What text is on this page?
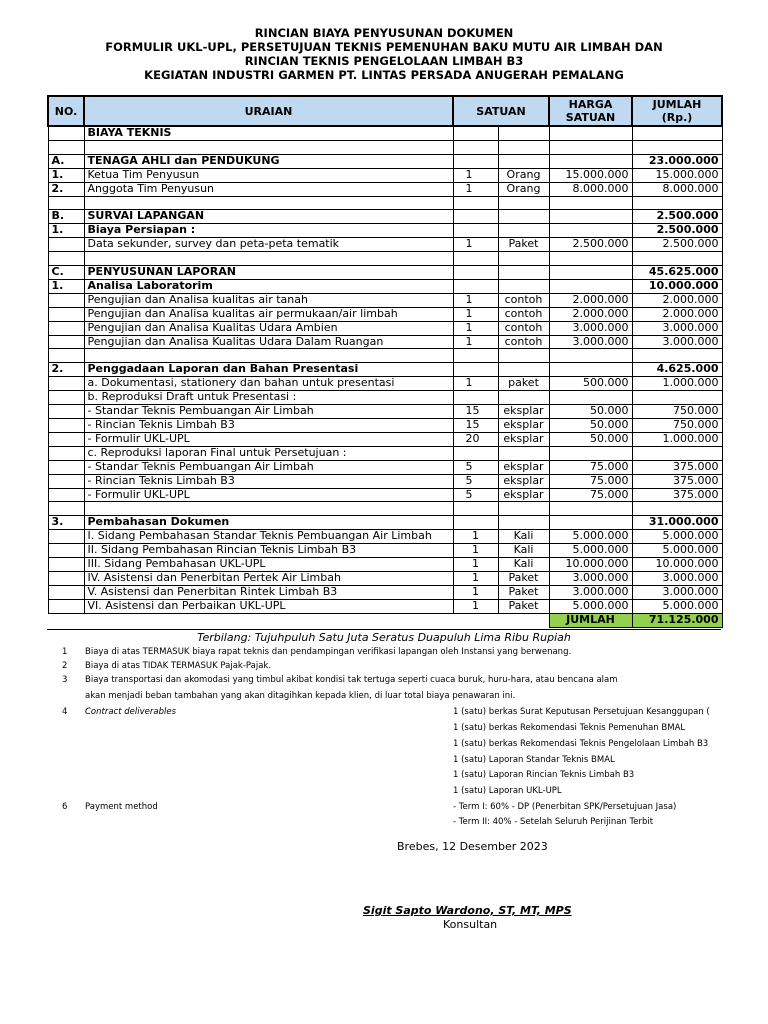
RINCIAN BIAYA PENYUSUNAN DOKUMEN
FORMULIR UKL-UPL, PERSETUJUAN TEKNIS PEMENUHAN BAKU MUTU AIR LIMBAH DAN
RINCIAN TEKNIS PENGELOLAAN LIMBAH B3
KEGIATAN INDUSTRI GARMEN PT. LINTAS PERSADA ANUGERAH PEMALANG
NO.	URAIAN	SATUAN		HARGA SATUAN	JUMLAH (Rp.)
	BIAYA TEKNIS				

A.	TENAGA AHLI dan PENDUKUNG				23.000.000
1.	Ketua Tim Penyusun	1	Orang	15.000.000	15.000.000
2.	Anggota Tim Penyusun	1	Orang	8.000.000	8.000.000

B.	SURVAI LAPANGAN				2.500.000
1.	Biaya Persiapan :				2.500.000
	Data sekunder, survey dan peta-peta tematik	1	Paket	2.500.000	2.500.000

C.	PENYUSUNAN LAPORAN				45.625.000
1.	Analisa Laboratorim				10.000.000
	Pengujian dan Analisa kualitas air tanah	1	contoh	2.000.000	2.000.000
	Pengujian dan Analisa kualitas air permukaan/air limbah	1	contoh	2.000.000	2.000.000
	Pengujian dan Analisa Kualitas Udara Ambien	1	contoh	3.000.000	3.000.000
	Pengujian dan Analisa Kualitas Udara Dalam Ruangan	1	contoh	3.000.000	3.000.000

2.	Penggadaan Laporan dan Bahan Presentasi				4.625.000
	a. Dokumentasi, stationery dan bahan untuk presentasi	1	paket	500.000	1.000.000
	b. Reproduksi Draft untuk Presentasi :				
	- Standar Teknis Pembuangan Air Limbah	15	eksplar	50.000	750.000
	- Rincian Teknis Limbah B3	15	eksplar	50.000	750.000
	- Formulir UKL-UPL	20	eksplar	50.000	1.000.000
	c. Reproduksi laporan Final untuk Persetujuan :				
	- Standar Teknis Pembuangan Air Limbah	5	eksplar	75.000	375.000
	- Rincian Teknis Limbah B3	5	eksplar	75.000	375.000
	- Formulir UKL-UPL	5	eksplar	75.000	375.000

3.	Pembahasan Dokumen				31.000.000
	I. Sidang Pembahasan Standar Teknis Pembuangan Air Limbah	1	Kali	5.000.000	5.000.000
	II. Sidang Pembahasan Rincian Teknis Limbah B3	1	Kali	5.000.000	5.000.000
	III. Sidang Pembahasan UKL-UPL	1	Kali	10.000.000	10.000.000
	IV. Asistensi dan Penerbitan Pertek Air Limbah	1	Paket	3.000.000	3.000.000
	V. Asistensi dan Penerbitan Rintek Limbah B3	1	Paket	3.000.000	3.000.000
	VI. Asistensi dan Perbaikan UKL-UPL	1	Paket	5.000.000	5.000.000
				JUMLAH	71.125.000
Terbilang: Tujuhpuluh Satu Juta Seratus Duapuluh Lima Ribu Rupiah
1 Biaya di atas TERMASUK biaya rapat teknis dan pendampingan verifikasi lapangan oleh Instansi yang berwenang.
2 Biaya di atas TIDAK TERMASUK Pajak-Pajak.
3 Biaya transportasi dan akomodasi yang timbul akibat kondisi tak tertuga seperti cuaca buruk, huru-hara, atau bencana alam
akan menjadi beban tambahan yang akan ditagihkan kepada klien, di luar total biaya penawaran ini.
4 Contract deliverables	1 (satu) berkas Surat Keputusan Persetujuan Kesanggupan (
1 (satu) berkas Rekomendasi Teknis Pemenuhan BMAL
1 (satu) berkas Rekomendasi Teknis Pengelolaan Limbah B3
1 (satu) Laporan Standar Teknis BMAL
1 (satu) Laporan Rincian Teknis Limbah B3
1 (satu) Laporan UKL-UPL
6 Payment method	- Term I: 60% - DP (Penerbitan SPK/Persetujuan Jasa)
- Term II: 40% - Setelah Seluruh Perijinan Terbit
Brebes, 12 Desember 2023
Sigit Sapto Wardono, ST, MT, MPS
Konsultan
